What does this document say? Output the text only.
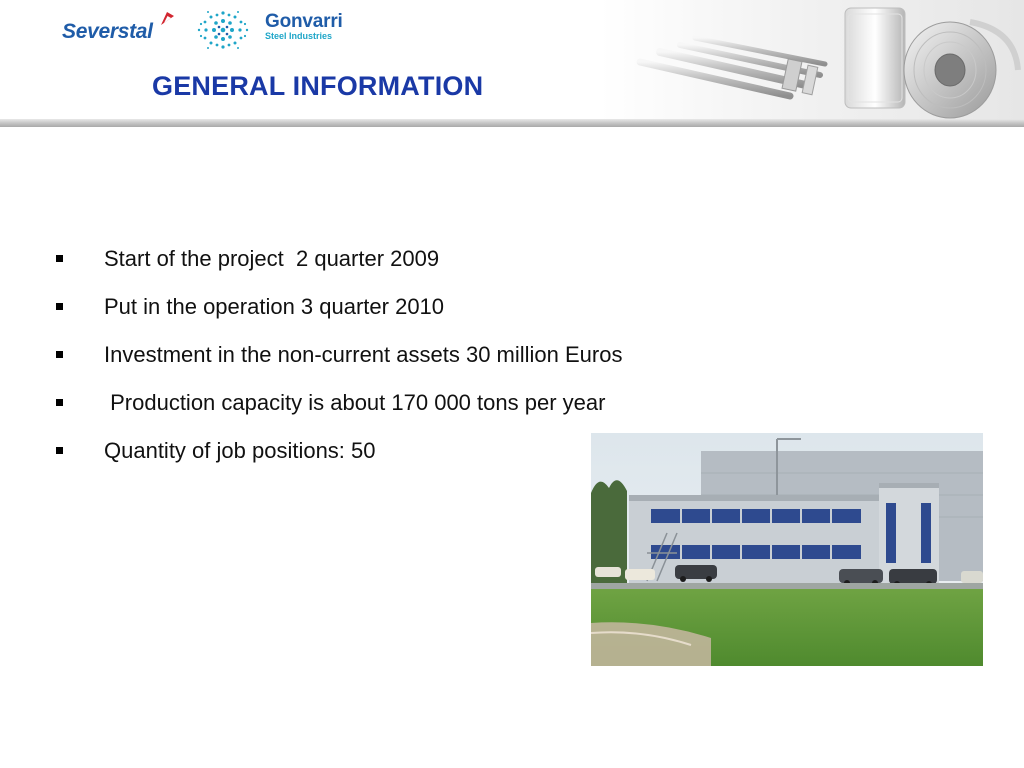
Severstal	Gonvarri
Steel Industries
GENERAL INFORMATION
Start of the project  2 quarter 2009
Put in the operation 3 quarter 2010
Investment in the non-current assets 30 million Euros
Production capacity is about 170 000 tons per year
Quantity of job positions: 50
